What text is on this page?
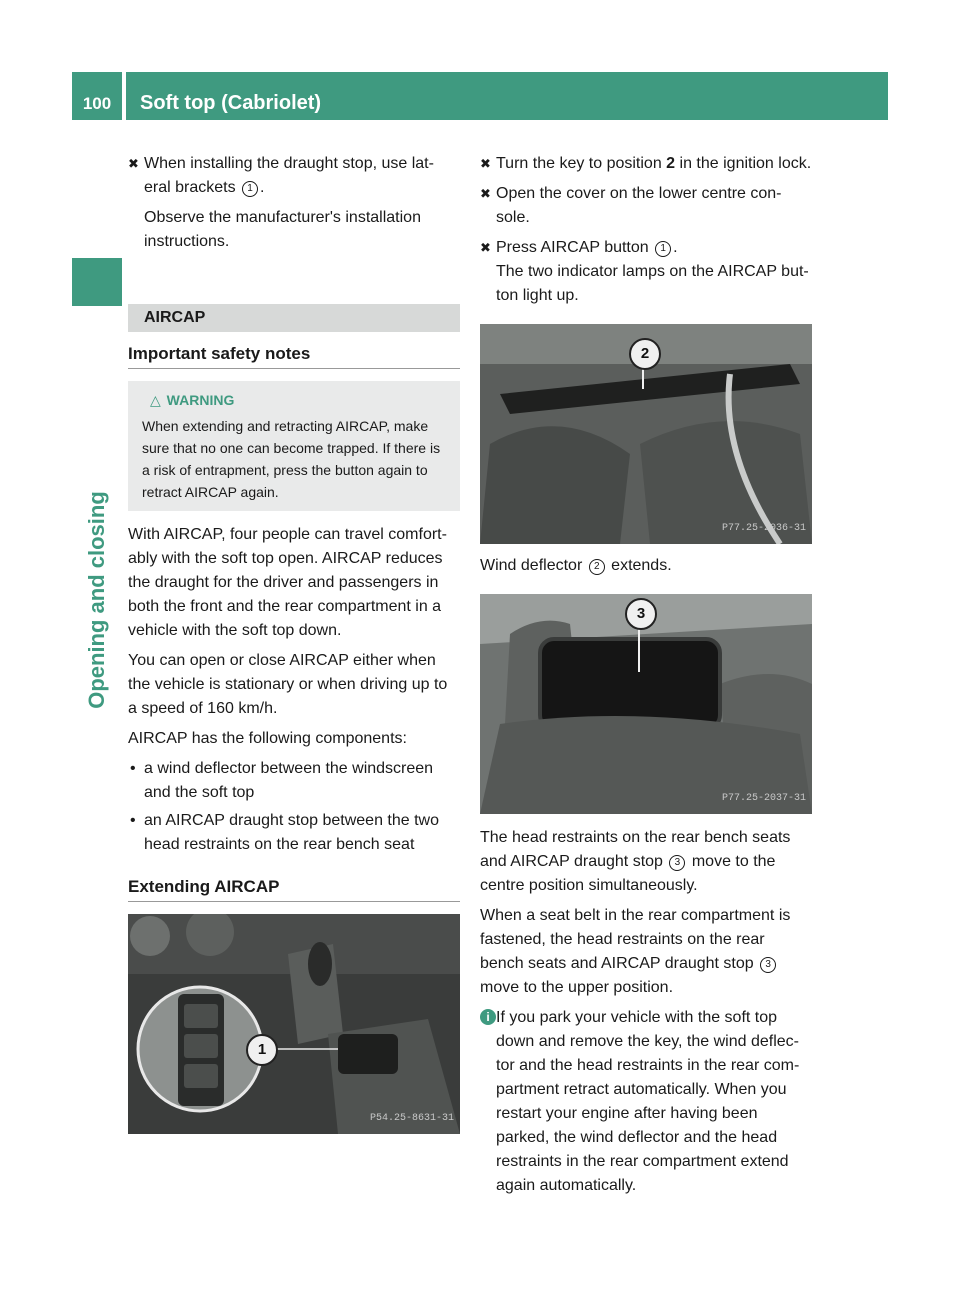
100	Soft top (Cabriolet)
Opening and closing
✖ When installing the draught stop, use lat-eral brackets 1 .
Observe the manufacturer's installation instructions.
AIRCAP
Important safety notes
△ WARNING
When extending and retracting AIRCAP, make sure that no one can become trapped. If there is a risk of entrapment, press the button again to retract AIRCAP again.

With AIRCAP, four people can travel comfort-ably with the soft top open. AIRCAP reduces the draught for the driver and passengers in both the front and the rear compartment in a vehicle with the soft top down.

You can open or close AIRCAP either when the vehicle is stationary or when driving up to a speed of 160 km/h.

AIRCAP has the following components:

• a wind deflector between the windscreen and the soft top
• an AIRCAP draught stop between the two head restraints on the rear bench seat
Extending AIRCAP
1
P54.25-8631-31
✖ Turn the key to position 2 in the ignition lock.
✖ Open the cover on the lower centre con-sole.
✖ Press AIRCAP button 1 .
The two indicator lamps on the AIRCAP but-ton light up.
2
P77.25-2036-31

Wind deflector 2 extends.

3
P77.25-2037-31

The head restraints on the rear bench seats and AIRCAP draught stop 3 move to the centre position simultaneously.

When a seat belt in the rear compartment is fastened, the head restraints on the rear bench seats and AIRCAP draught stop 3 move to the upper position.

i If you park your vehicle with the soft top down and remove the key, the wind deflec-tor and the head restraints in the rear com-partment retract automatically. When you restart your engine after having been parked, the wind deflector and the head restraints in the rear compartment extend again automatically.
